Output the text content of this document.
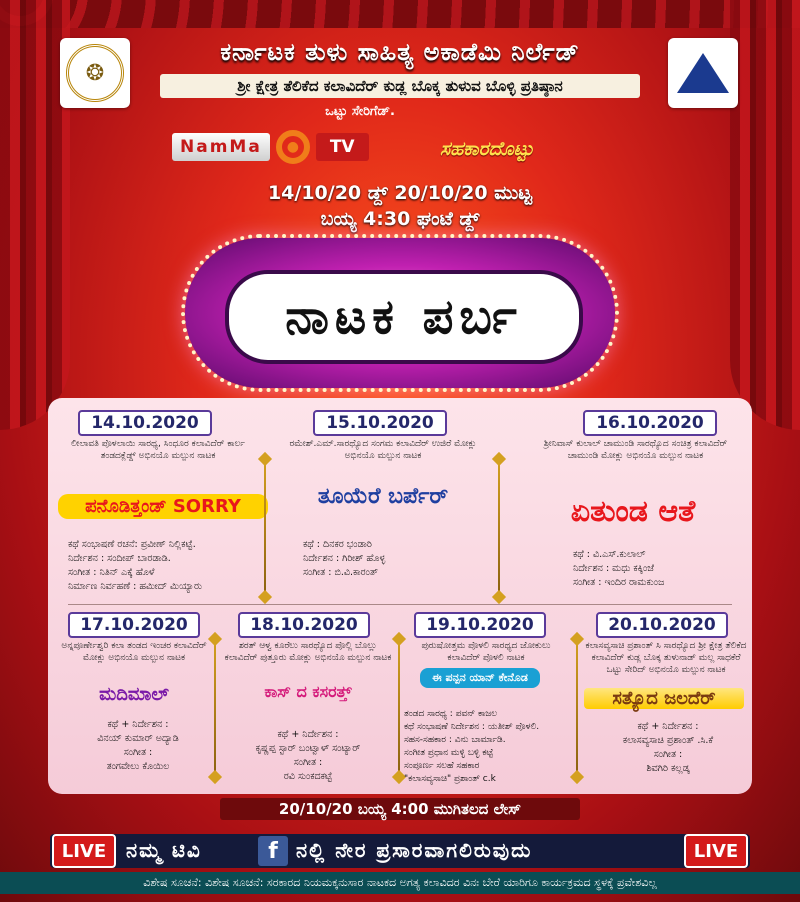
❂
ಕರ್ನಾಟಕ ತುಳು ಸಾಹಿತ್ಯ ಅಕಾಡೆಮಿ ನಿರ್ಲೆಡ್
ಶ್ರೀ ಕ್ಷೇತ್ರ ತೆಲಿಕೆದ ಕಲಾವಿದೆರ್ ಕುಡ್ಲ ಬೊಕ್ಕ ತುಳುವ ಬೊಳ್ಳಿ ಪ್ರತಿಷ್ಠಾನ
ಒಟ್ಟು ಸೇರಿಗೆಡ್.
NamMa	●	TV	ಸಹಕಾರದೊಟ್ಟು
14/10/20 ಡ್ದ್ 20/10/20 ಮುಟ್ಟ
ಬಯ್ಯ 4:30 ಘಂಟೆ ಡ್ದ್
ನಾಟಕ ಪರ್ಬ
14.10.2020
ಲೀಲಾವತಿ ಪೊಳಲಾಯಿ ಸಾರಥ್ಯ, ಸಿಂಧೂರ ಕಲಾವಿದೆರ್ ಕಾರ್ಲ ತಂಡದಕ್ಲೆಡ್ದ್ ಅಭಿನಯೊ ಮಲ್ಪುನ ನಾಟಕ
ಪನೊಡಿತ್ತಂಡ್ SORRY
ಕಥೆ ಸಂಭಾಷಣೆ ರಚನೆ: ಪ್ರವೀಣ್ ನಿಲ್ಲಿಕಟ್ಟೆ.
ನಿರ್ದೇಶನ : ಸಂದೀಪ್ ಬಾರಡಾಡಿ.
ಸಂಗೀತ : ನಿತಿನ್ ಎಕ್ಕೆ ಹೊಳೆ
ನಿರ್ಮಾಣ ನಿರ್ವಹಣೆ : ಹಮೀದ್ ಮಿಯ್ಯಾರು
15.10.2020
ರಮೇಶ್.ಎಮ್.ಸಾರಥ್ಯೊದ ಸಂಗಮ ಕಲಾವಿದೆರ್ ಉಜಿರೆ ಮೋಕ್ಲು ಅಭಿನಯೊ ಮಲ್ಪುನ ನಾಟಕ
ತೂಯೆರೆ ಬರ್ಪೆರ್
ಕಥೆ : ದಿನಕರ ಭಂಡಾರಿ
ನಿರ್ದೇಶನ : ಗಿರೀಶ್ ಹೊಳ್ಳ
ಸಂಗೀತ : ಬಿ.ವಿ.ಕಾರಂತ್
16.10.2020
ಶ್ರೀನಿವಾಸ್ ಕುಲಾಲ್ ಚಾಮುಂಡಿ ಸಾರಥ್ಯೊದ ಸಂಚಿತ್ರ ಕಲಾವಿದೆರ್ ಚಾಮುಂಡಿ ಮೋಕ್ಲು ಅಭಿನಯೊ ಮಲ್ಪುನ ನಾಟಕ
ಏತುಂಡ ಆತೆ
ಕಥೆ : ವಿ.ಎಸ್.ಕುಲಾಲ್
ನಿರ್ದೇಶನ : ಮಧು ಕಕ್ಕಿಂಜೆ
ಸಂಗೀತ : ಇಂದಿರ ರಾಮಕುಂಜ
17.10.2020
ಅನ್ನಪೂರ್ಣೇಶ್ವರಿ ಕಲಾ ತಂಡದ ಇಂಚರ ಕಲಾವಿದೆರ್ ಮೋಕ್ಲು ಅಭಿನಯೊ ಮಲ್ಪುನ ನಾಟಕ
ಮದಿಮಾಲ್
ಕಥೆ + ನಿರ್ದೇಶನ :
ವಿನಯ್ ಕುಮಾರ್ ಅದ್ಯಾಡಿ
ಸಂಗೀತ :
ತಂಗವೇಲು ಕೊಯಿಲ
18.10.2020
ಶರತ್ ಆಳ್ವ ಕೂರೆಲು ಸಾರಥ್ಯೊದ ಪೊಲ್ಲಿ ಬೊಲ್ಲು ಕಲಾವಿದೆರ್ ಪುತ್ತೂರು ಮೋಕ್ಲು ಅಭಿನಯೊ ಮಲ್ಪುನ ನಾಟಕ
ಕಾಸ್ ದ ಕಸರತ್ತ್
ಕಥೆ + ನಿರ್ದೇಶನ :
ಕೃಷ್ಣಪ್ಪ ಸ್ಟಾರ್ ಬಂಟ್ವಾಳ್ ಸಂಟ್ಯಾರ್
ಸಂಗೀತ :
ರವಿ ಸುಂಕದಕಟ್ಟೆ
19.10.2020
ಪುರುಷೋತ್ತಮ ಪೊಳಲಿ ಸಾರಥ್ಯದ ಜೋಕುಲು ಕಲಾವಿದೆರ್ ಪೊಳಲಿ ನಾಟಕ
ಈ ಪನ್ಪನ ಯಾನ್ ಕೇನೊಡ
ತಂಡದ ಸಾರಥ್ಯ : ಪವನ್ ಕಾಜಲ
ಕಥೆ ಸಂಭಾಷಣೆ ನಿರ್ದೇಶನ : ಯತೀಶ್ ಪೊಳಲಿ.
ಸಹಸ-ಸಹಕಾರ : ವಿನು ಬಾರ್ಮಾಡಿ.
ಸಂಗೀತ ಪ್ರಧಾನ ಮಳ್ಳಿ ಬಳ್ಳಿ ಕಟ್ಟೆ
ಸಂಪೂರ್ಣ ಸಲಹೆ ಸಹಕಾರ
"ಕಲಾಸವ್ಯಸಾಚಿ" ಪ್ರಶಾಂತ್ c.k
20.10.2020
ಕಲಾಸವ್ಯಸಾಚಿ ಪ್ರಶಾಂತ್ ಸಿ ಸಾರಥ್ಯೊದ ಶ್ರೀ ಕ್ಷೇತ್ರ ತೆಲಿಕೆದ ಕಲಾವಿದೆರ್ ಕುಡ್ಲ ಬೊಕ್ಕ ತುಳುನಾಡ್ ಮಲ್ಲ ಸಾಧಕೆರೆ ಒಟ್ಟು ಸೇರಿದ್ ಅಭಿನಯೊ ಮಲ್ಪುನ ನಾಟಕ
ಸತ್ಯೊದ ಜಲದೆರ್
ಕಥೆ + ನಿರ್ದೇಶನ :
ಕಲಾಸವ್ಯಸಾಚಿ ಪ್ರಶಾಂತ್ .ಸಿ.ಕೆ
ಸಂಗೀತ :
ಶಿವಗಿರಿ ಕಲ್ಲಡ್ಕ
20/10/20 ಬಯ್ಯ 4:00 ಮುಗಿತಲದ ಲೇಸ್
LIVE ನಮ್ಮ ಟಿವಿ	f ನಲ್ಲಿ ನೇರ ಪ್ರಸಾರವಾಗಲಿರುವುದು	LIVE
ವಿಶೇಷ ಸೂಚನೆ: ವಿಶೇಷ ಸೂಚನೆ: ಸರಕಾರದ ನಿಯಮಕ್ಕನುಸಾರ ನಾಟಕದ ಅಗತ್ಯ ಕಲಾವಿದರ ವಿನಃ ಬೇರೆ ಯಾರಿಗೂ ಕಾರ್ಯಕ್ರಮದ ಸ್ಥಳಕ್ಕೆ ಪ್ರವೇಶವಿಲ್ಲ
